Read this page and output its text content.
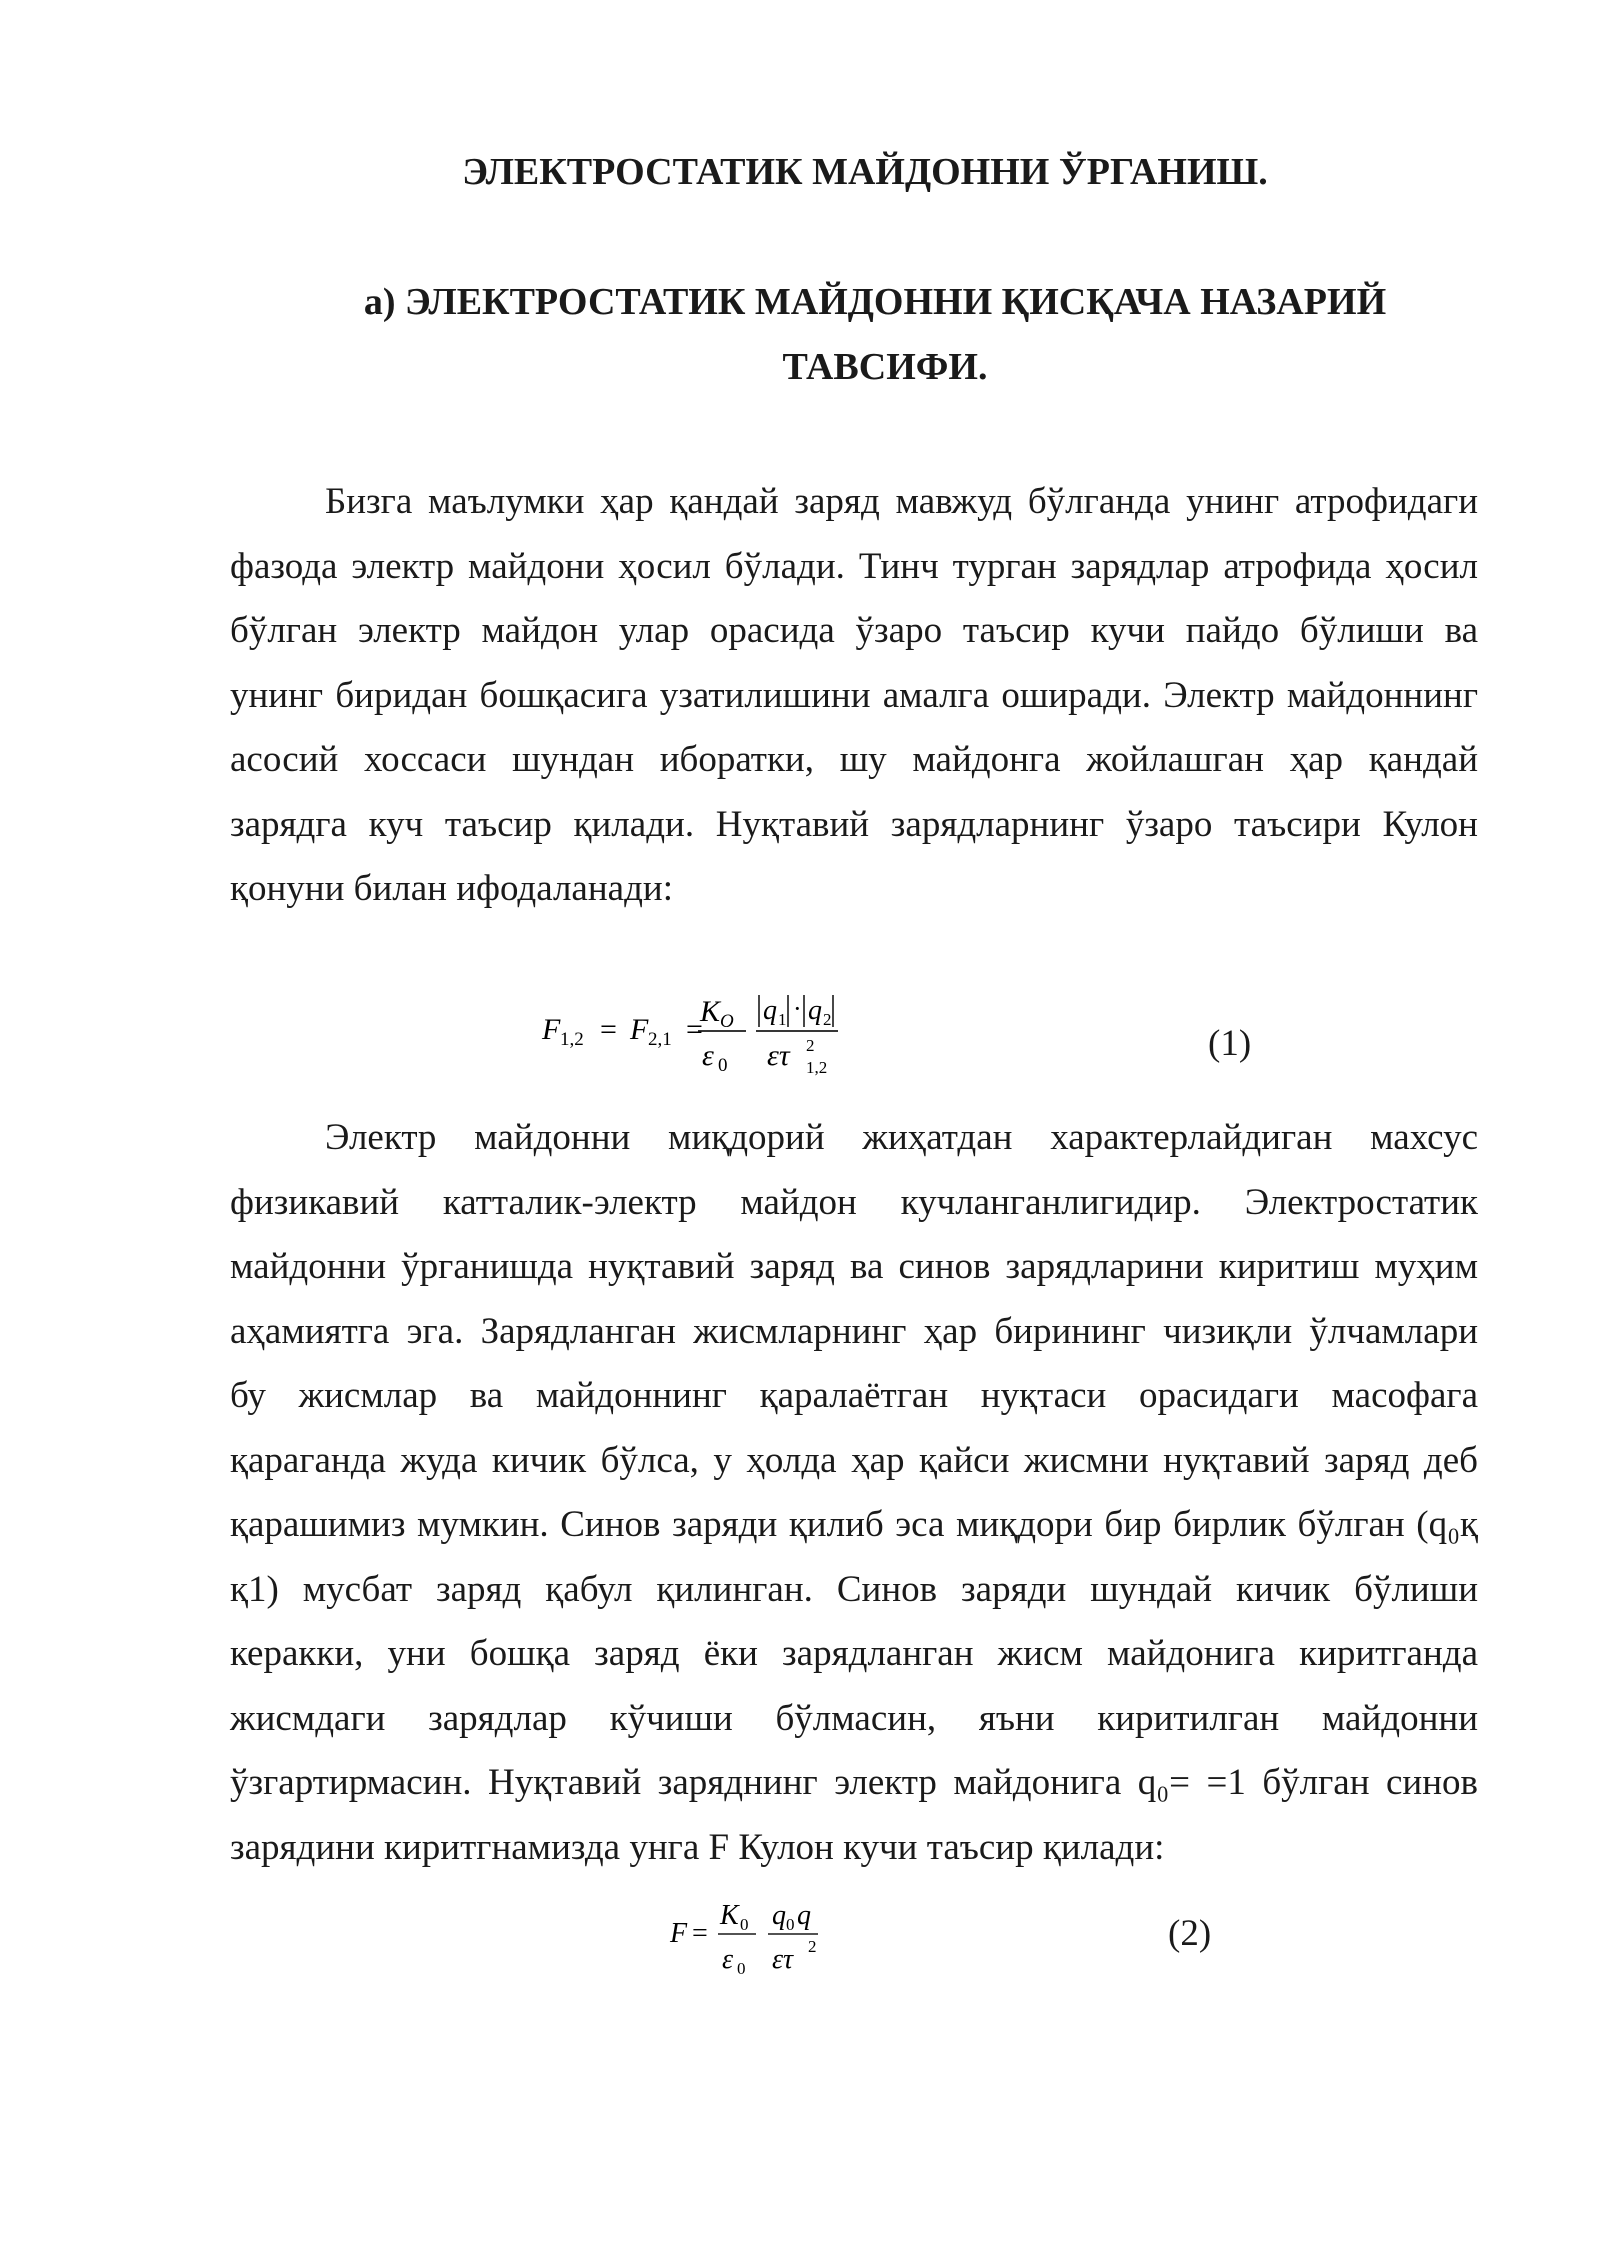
ЭЛЕКТРОСТАТИК МАЙДОННИ ЎРГАНИШ.
а) ЭЛЕКТРОСТАТИК МАЙДОННИ ҚИСҚАЧА НАЗАРИЙ
ТАВСИФИ.
Бизга маълумки ҳар қандай заряд мавжуд бўлганда унинг атрофидаги
фазода электр майдони ҳосил бўлади. Тинч турган зарядлар атрофида ҳосил
бўлган электр майдон улар орасида ўзаро таъсир кучи пайдо бўлиши ва
унинг биридан бошқасига узатилишини амалга оширади. Электр майдоннинг
асосий хоссаси шундан иборатки, шу майдонга жойлашган ҳар қандай
зарядга куч таъсир қилади. Нуқтавий зарядларнинг ўзаро таъсири Кулон
қонуни билан ифодаланади:
F 1,2 = F 2,1 =
K O
ε 0
q 1 · q 2
ετ 2
1,2
(1)
Электр майдонни миқдорий жиҳатдан характерлайдиган махсус
физикавий катталик-электр майдон кучланганлигидир. Электростатик
майдонни ўрганишда нуқтавий заряд ва синов зарядларини киритиш муҳим
аҳамиятга эга. Зарядланган жисмларнинг ҳар бирининг чизиқли ўлчамлари
бу жисмлар ва майдоннинг қаралаётган нуқтаси орасидаги масофага
қараганда жуда кичик бўлса, у ҳолда ҳар қайси жисмни нуқтавий заряд деб
қарашимиз мумкин. Синов заряди қилиб эса миқдори бир бирлик бўлган (q₀қ
қ1) мусбат заряд қабул қилинган. Синов заряди шундай кичик бўлиши
керакки, уни бошқа заряд ёки зарядланган жисм майдонига киритганда
жисмдаги зарядлар кўчиши бўлмасин, яъни киритилган майдонни
ўзгартирмасин. Нуқтавий заряднинг электр майдонига q₀= =1 бўлган синов
зарядини киритгнамизда унга F Кулон кучи таъсир қилади:
F =
K 0
ε 0
q 0 q
ετ 2	(2)
